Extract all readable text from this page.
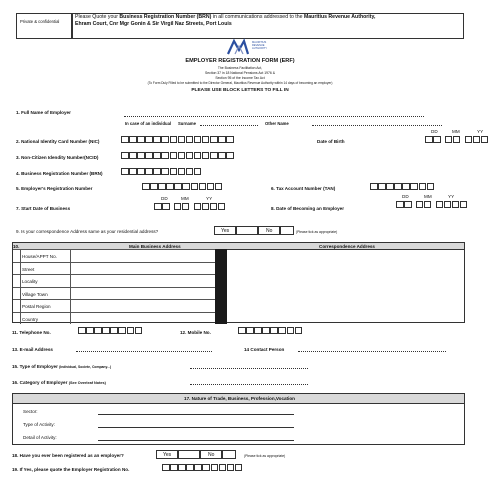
Private & confidential
Please Quote your Business Registration Number (BRN) in all communications addressed to the Mauritius Revenue Authority,
Ehram Court, Cnr Mgr Gonin & Sir Virgil Naz Streets, Port Louis
MAURITIUS REVENUE AUTHORITY
EMPLOYER REGISTRATION FORM (ERF)
The Business Facilitation Act,
Section 37 in 18 National Pensions Act 1976 &
Section 95 of the Income Tax Act
(To Form Duly Filled to be submitted to the Director General, Mauritius Revenue Authority within 14 days of becoming an employer)
PLEASE USE BLOCK LETTERS TO FILL IN
1. Full Name of Employer
In case of an individual Surname	Other Name
DD	MM	YY
2. National Identity Card Number (NIC)	Date of Birth
3. Non-Citizen Idendity Number(NCID)
4. Business Registration Number (BRN)
5. Employer's Registration Number	6. Tax Account Number (TAN)
DD	MM	YY	DD	MM	YY
7. Start Date of Business	8. Date of Becoming an Employer
9. Is your correspondence Address same as your residential address?	Yes	No	(Please tick as appropriate)
10.	Main Business Address	Correspondence Address
House/APPT No.
Street
Locality
Village Town
Postal Region
Country
11. Telephone No.	12. Mobile No.
13. E-mail Address	14 Contact Person
15. Type of Employer (Individual, Societe, Company...)
16. Category of Employer (See Overleaf Notes)
17. Nature of Trade, Business, Profession,Vocation
Sector:
Type of Activity:
Detail of Activity:
18. Have you ever been registered as an employer?	Yes	No	(Please tick as appropriate)
19. If Yes, please quote the Employer Registration No.
